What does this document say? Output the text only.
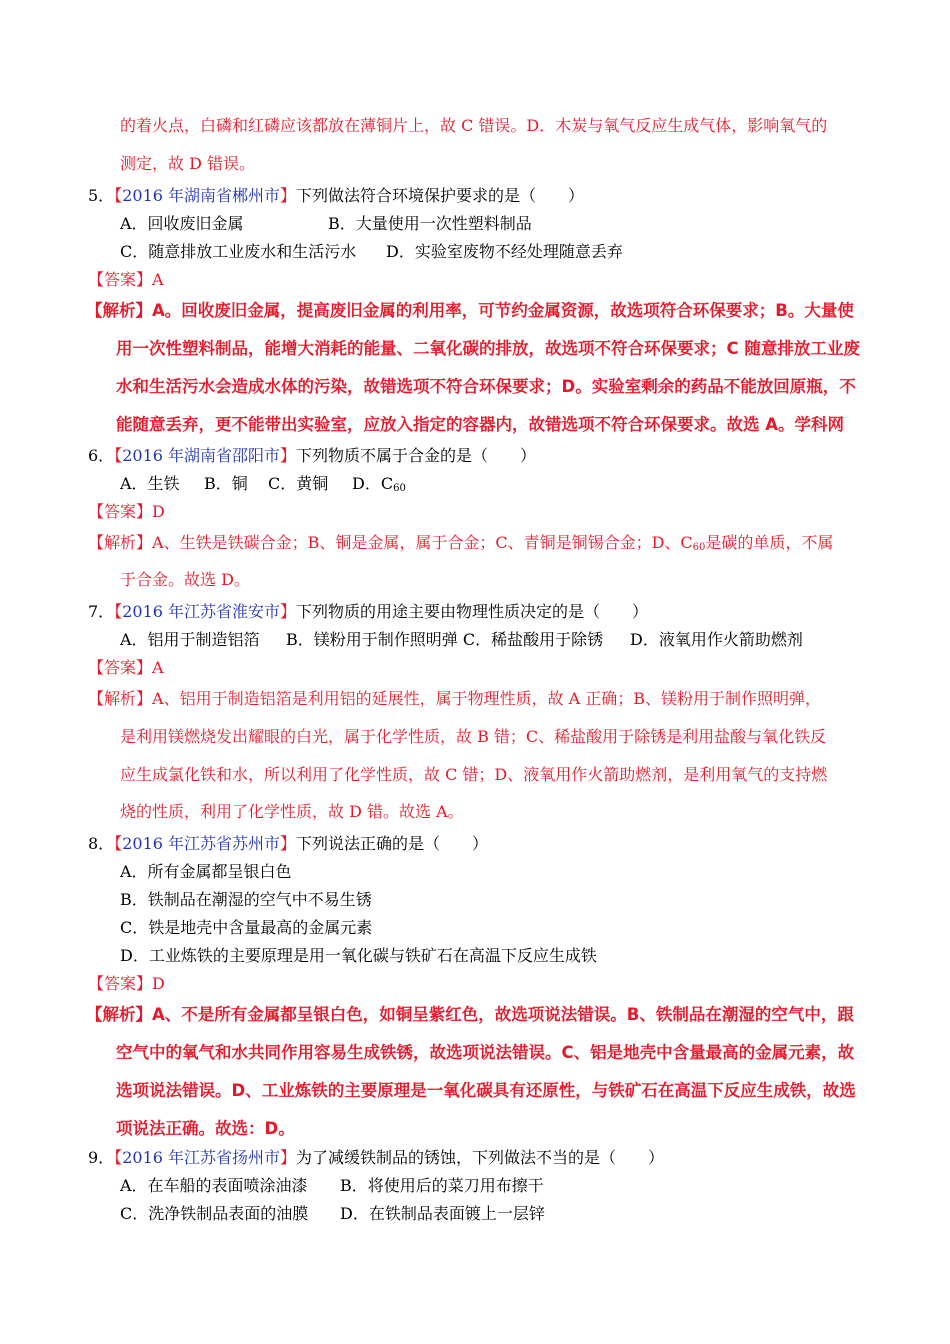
的着火点，白磷和红磷应该都放在薄铜片上，故 C 错误。D．木炭与氧气反应生成气体，影响氧气的
测定，故 D 错误。
5．【2016 年湖南省郴州市】下列做法符合环境保护要求的是（　　）
A．回收废旧金属	B．大量使用一次性塑料制品
C．随意排放工业废水和生活污水 D．实验室废物不经处理随意丢弃
【答案】A
【解析】A。回收废旧金属，提高废旧金属的利用率，可节约金属资源，故选项符合环保要求；B。大量使
用一次性塑料制品，能增大消耗的能量、二氧化碳的排放，故选项不符合环保要求；C 随意排放工业废
水和生活污水会造成水体的污染，故错选项不符合环保要求；D。实验室剩余的药品不能放回原瓶，不
能随意丢弃，更不能带出实验室，应放入指定的容器内，故错选项不符合环保要求。故选 A。学科网
6．【2016 年湖南省邵阳市】下列物质不属于合金的是（　　）
A．生铁 B．铜 C．黄铜 D．$C_{60}$
【答案】D
【解析】A、生铁是铁碳合金；B、铜是金属，属于合金；C、青铜是铜锡合金；D、$C_{60}$是碳的单质，不属
于合金。故选 D。
7．【2016 年江苏省淮安市】下列物质的用途主要由物理性质决定的是（　　）
A．铝用于制造铝箔 B．镁粉用于制作照明弹 C．稀盐酸用于除锈 D．液氧用作火箭助燃剂
【答案】A
【解析】A、铝用于制造铝箔是利用铝的延展性，属于物理性质，故 A 正确；B、镁粉用于制作照明弹，
是利用镁燃烧发出耀眼的白光，属于化学性质，故 B 错；C、稀盐酸用于除锈是利用盐酸与氧化铁反
应生成氯化铁和水，所以利用了化学性质，故 C 错；D、液氧用作火箭助燃剂，是利用氧气的支持燃
烧的性质，利用了化学性质，故 D 错。故选 A。
8．【2016 年江苏省苏州市】下列说法正确的是（　　）
A．所有金属都呈银白色
B．铁制品在潮湿的空气中不易生锈
C．铁是地壳中含量最高的金属元素
D．工业炼铁的主要原理是用一氧化碳与铁矿石在高温下反应生成铁
【答案】D
【解析】A、不是所有金属都呈银白色，如铜呈紫红色，故选项说法错误。B、铁制品在潮湿的空气中，跟
空气中的氧气和水共同作用容易生成铁锈，故选项说法错误。C、铝是地壳中含量最高的金属元素，故
选项说法错误。D、工业炼铁的主要原理是一氧化碳具有还原性，与铁矿石在高温下反应生成铁，故选
项说法正确。故选：D。
9．【2016 年江苏省扬州市】为了减缓铁制品的锈蚀，下列做法不当的是（　　）
A．在车船的表面喷涂油漆 B．将使用后的菜刀用布擦干
C．洗净铁制品表面的油膜 D．在铁制品表面镀上一层锌
